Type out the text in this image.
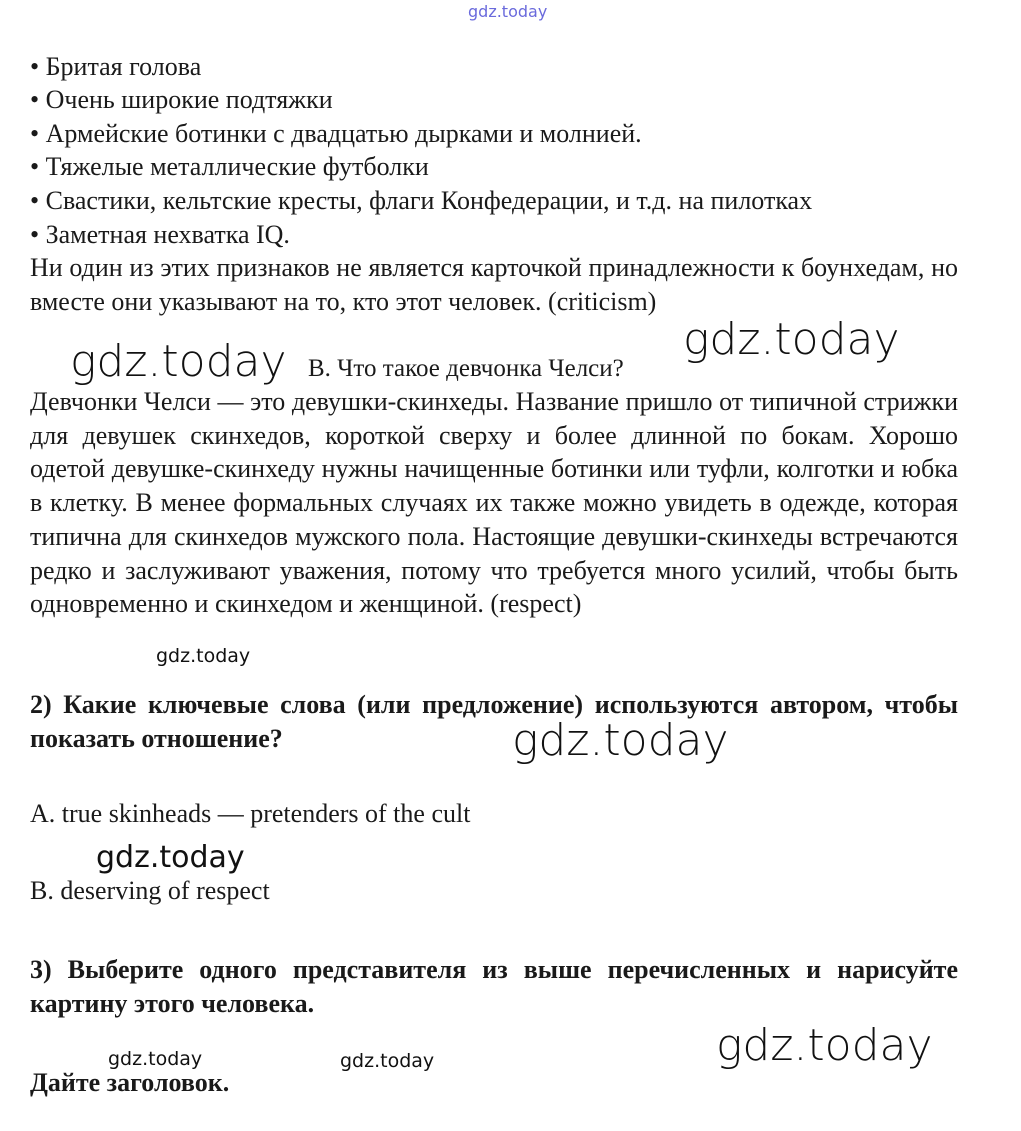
• Бритая голова
• Очень широкие подтяжки
• Армейские ботинки с двадцатью дырками и молнией.
• Тяжелые металлические футболки
• Свастики, кельтские кресты, флаги Конфедерации, и т.д. на пилотках
• Заметная нехватка IQ.
Ни один из этих признаков не является карточкой принадлежности к боунхедам, но вместе они указывают на то, кто этот человек. (criticism)
B. Что такое девчонка Челси?
Девчонки Челси — это девушки-скинхеды. Название пришло от типичной стрижки для девушек скинхедов, короткой сверху и более длинной по бокам. Хорошо одетой девушке-скинхеду нужны начищенные ботинки или туфли, колготки и юбка в клетку. В менее формальных случаях их также можно увидеть в одежде, которая типична для скинхедов мужского пола. Настоящие девушки-скинхеды встречаются редко и заслуживают уважения, потому что требуется много усилий, чтобы быть одновременно и скинхедом и женщиной. (respect)
2) Какие ключевые слова (или предложение) используются автором, чтобы показать отношение?
A. true skinheads — pretenders of the cult
B. deserving of respect
3) Выберите одного представителя из выше перечисленных и нарисуйте картину этого человека.
Дайте заголовок.
gdz.today
gdz.today	gdz.today
gdz.today
gdz.today
gdz.today
gdz.today	gdz.today	gdz.today
